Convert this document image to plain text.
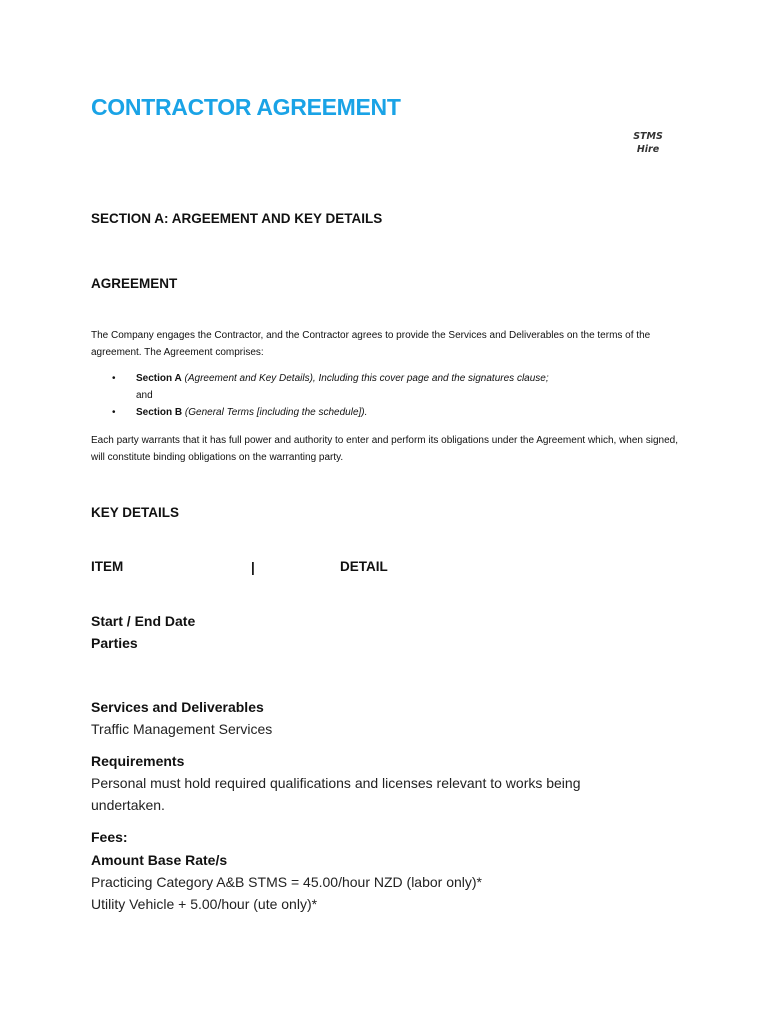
CONTRACTOR AGREEMENT
STMS
Hire
SECTION A: ARGEEMENT AND KEY DETAILS
AGREEMENT
The Company engages the Contractor, and the Contractor agrees to provide the Services and Deliverables on the terms of the agreement. The Agreement comprises:
• Section A (Agreement and Key Details), Including this cover page and the signatures clause;
and
• Section B (General Terms [including the schedule]).
Each party warrants that it has full power and authority to enter and perform its obligations under the Agreement which, when signed, will constitute binding obligations on the warranting party.
KEY DETAILS
ITEM	|	DETAIL
Start / End Date
Parties
Services and Deliverables
Traffic Management Services
Requirements
Personal must hold required qualifications and licenses relevant to works being undertaken.
Fees:
Amount Base Rate/s
Practicing Category A&B STMS = 45.00/hour NZD (labor only)*
Utility Vehicle + 5.00/hour (ute only)*
